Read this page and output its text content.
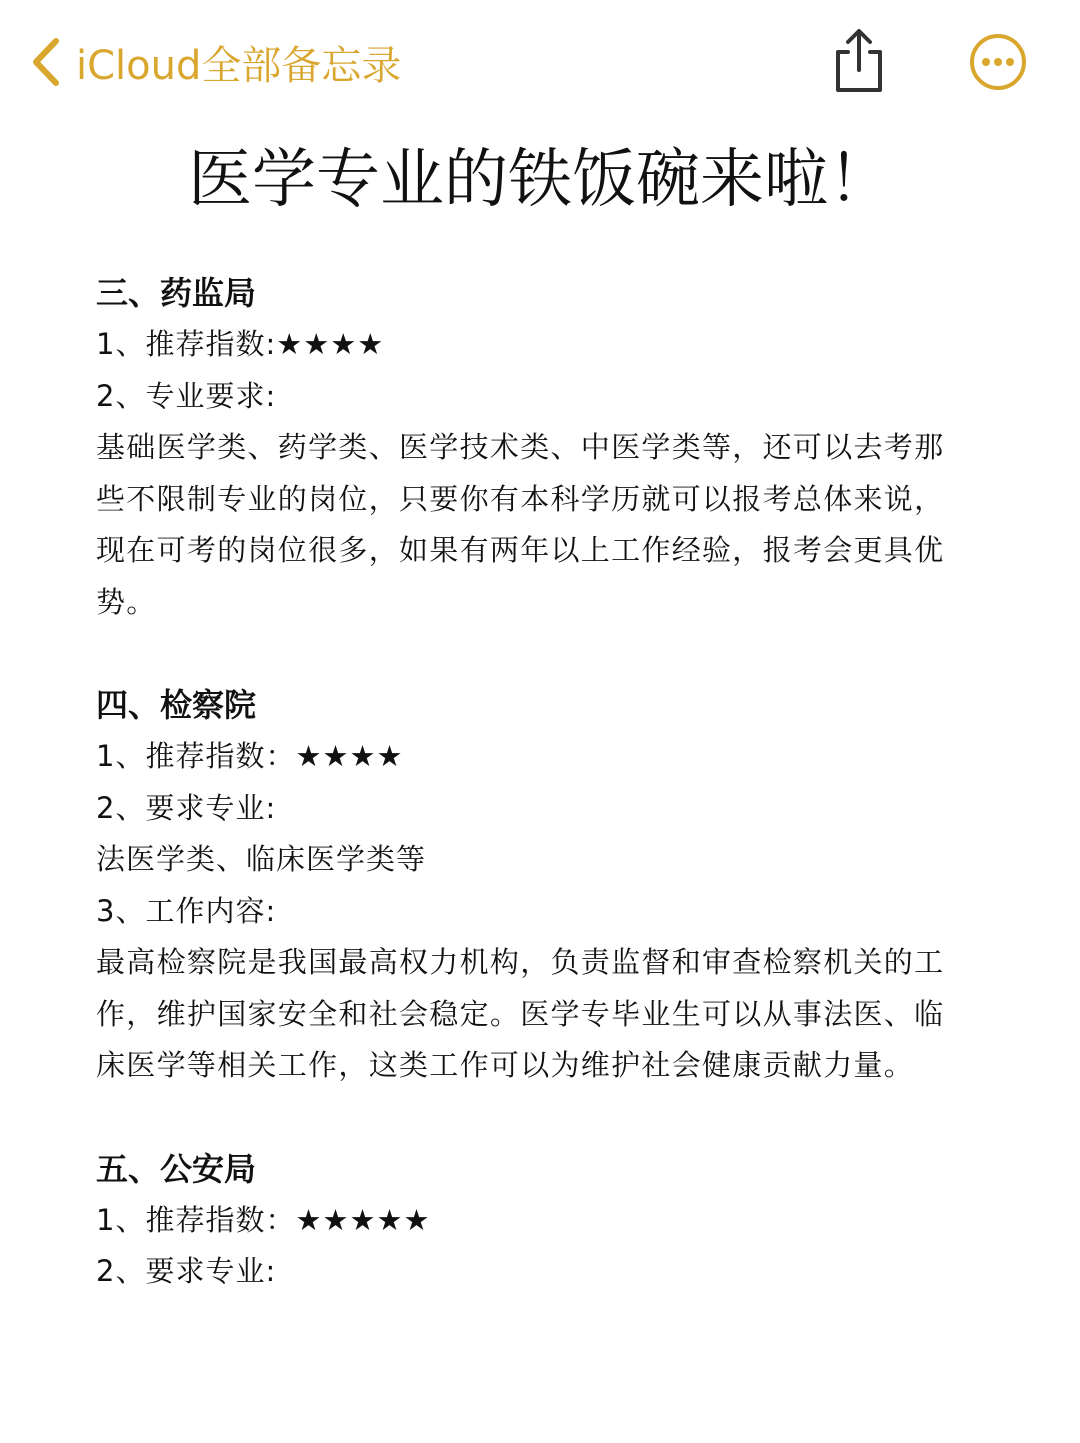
iCloud全部备忘录
医学专业的铁饭碗来啦！
三、药监局
1、推荐指数:★★★★
2、专业要求:
基础医学类、药学类、医学技术类、中医学类等，还可以去考那些不限制专业的岗位，只要你有本科学历就可以报考总体来说，现在可考的岗位很多，如果有两年以上工作经验，报考会更具优势。
四、检察院
1、推荐指数：★★★★
2、要求专业:
法医学类、临床医学类等
3、工作内容:
最高检察院是我国最高权力机构，负责监督和审查检察机关的工作，维护国家安全和社会稳定。医学专毕业生可以从事法医、临床医学等相关工作，这类工作可以为维护社会健康贡献力量。
五、公安局
1、推荐指数：★★★★★
2、要求专业:
